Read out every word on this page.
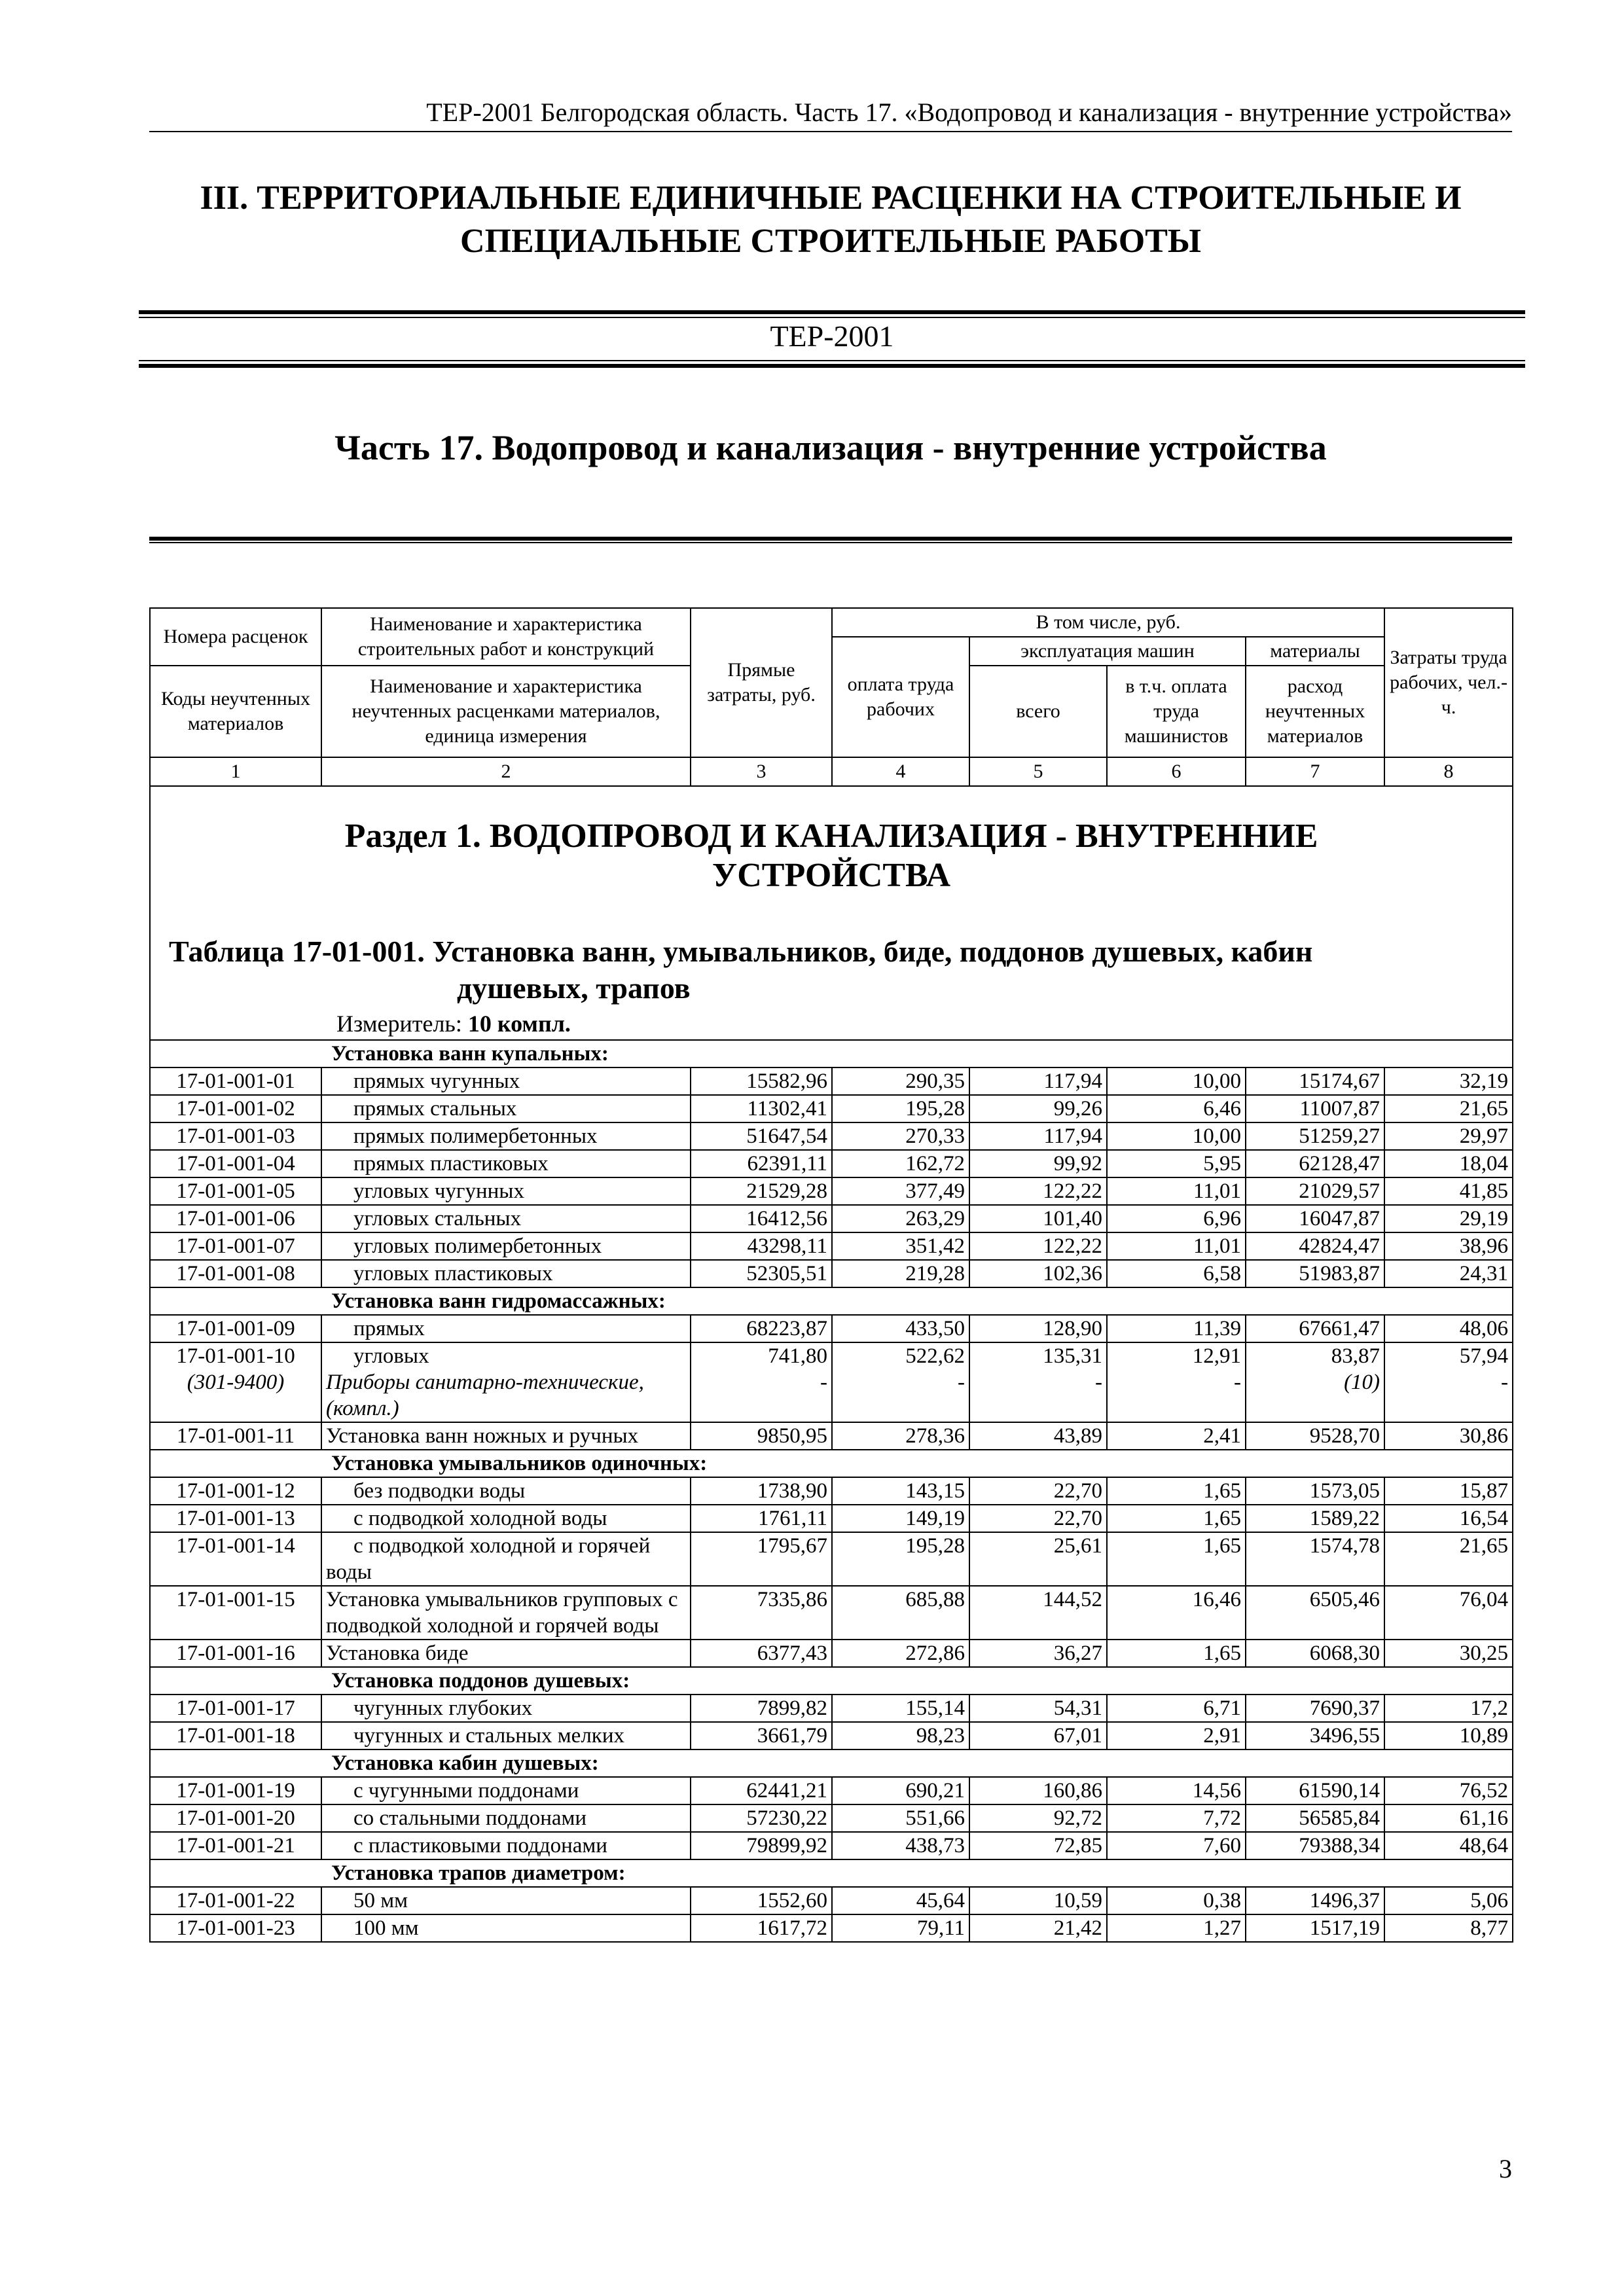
ТЕР-2001 Белгородская область. Часть 17. «Водопровод и канализация - внутренние устройства»
III. ТЕРРИТОРИАЛЬНЫЕ ЕДИНИЧНЫЕ РАСЦЕНКИ НА СТРОИТЕЛЬНЫЕ И СПЕЦИАЛЬНЫЕ СТРОИТЕЛЬНЫЕ РАБОТЫ
ТЕР-2001
Часть 17. Водопровод и канализация - внутренние устройства
Номера расценок	Наименование и характеристика строительных работ и конструкций	Прямые затраты, руб.	В том числе, руб.				Затраты труда рабочих, чел.-ч.
			оплата труда рабочих	эксплуатация машин		материалы	
Коды неучтенных материалов	Наименование и характеристика неучтенных расценками материалов, единица измерения			всего	в т.ч. оплата труда машинистов	расход неучтенных материалов	

1	2	3	4	5	6	7	8

Раздел 1. ВОДОПРОВОД И КАНАЛИЗАЦИЯ - ВНУТРЕННИЕ УСТРОЙСТВА
Таблица 17-01-001. Установка ванн, умывальников, биде, поддонов душевых, кабин
душевых, трапов
Измеритель: 10 компл.							

Установка ванн купальных:							
17-01-001-01	прямых чугунных	15582,96	290,35	117,94	10,00	15174,67	32,19
17-01-001-02	прямых стальных	11302,41	195,28	99,26	6,46	11007,87	21,65
17-01-001-03	прямых полимербетонных	51647,54	270,33	117,94	10,00	51259,27	29,97
17-01-001-04	прямых пластиковых	62391,11	162,72	99,92	5,95	62128,47	18,04
17-01-001-05	угловых чугунных	21529,28	377,49	122,22	11,01	21029,57	41,85
17-01-001-06	угловых стальных	16412,56	263,29	101,40	6,96	16047,87	29,19
17-01-001-07	угловых полимербетонных	43298,11	351,42	122,22	11,01	42824,47	38,96
17-01-001-08	угловых пластиковых	52305,51	219,28	102,36	6,58	51983,87	24,31
Установка ванн гидромассажных:							
17-01-001-09	прямых	68223,87	433,50	128,90	11,39	67661,47	48,06
17-01-001-10	угловых	741,80	522,62	135,31	12,91	83,87	57,94
(301-9400)	Приборы санитарно-технические, (компл.)	-	-	-	-	(10)	-
17-01-001-11	Установка ванн ножных и ручных	9850,95	278,36	43,89	2,41	9528,70	30,86
Установка умывальников одиночных:							
17-01-001-12	без подводки воды	1738,90	143,15	22,70	1,65	1573,05	15,87
17-01-001-13	с подводкой холодной воды	1761,11	149,19	22,70	1,65	1589,22	16,54
17-01-001-14	с подводкой холодной и горячей воды	1795,67	195,28	25,61	1,65	1574,78	21,65
17-01-001-15	Установка умывальников групповых с подводкой холодной и горячей воды	7335,86	685,88	144,52	16,46	6505,46	76,04
17-01-001-16	Установка биде	6377,43	272,86	36,27	1,65	6068,30	30,25
Установка поддонов душевых:							
17-01-001-17	чугунных глубоких	7899,82	155,14	54,31	6,71	7690,37	17,2
17-01-001-18	чугунных и стальных мелких	3661,79	98,23	67,01	2,91	3496,55	10,89
Установка кабин душевых:							
17-01-001-19	с чугунными поддонами	62441,21	690,21	160,86	14,56	61590,14	76,52
17-01-001-20	со стальными поддонами	57230,22	551,66	92,72	7,72	56585,84	61,16
17-01-001-21	с пластиковыми поддонами	79899,92	438,73	72,85	7,60	79388,34	48,64
Установка трапов диаметром:							
17-01-001-22	50 мм	1552,60	45,64	10,59	0,38	1496,37	5,06
17-01-001-23	100 мм	1617,72	79,11	21,42	1,27	1517,19	8,77
3
